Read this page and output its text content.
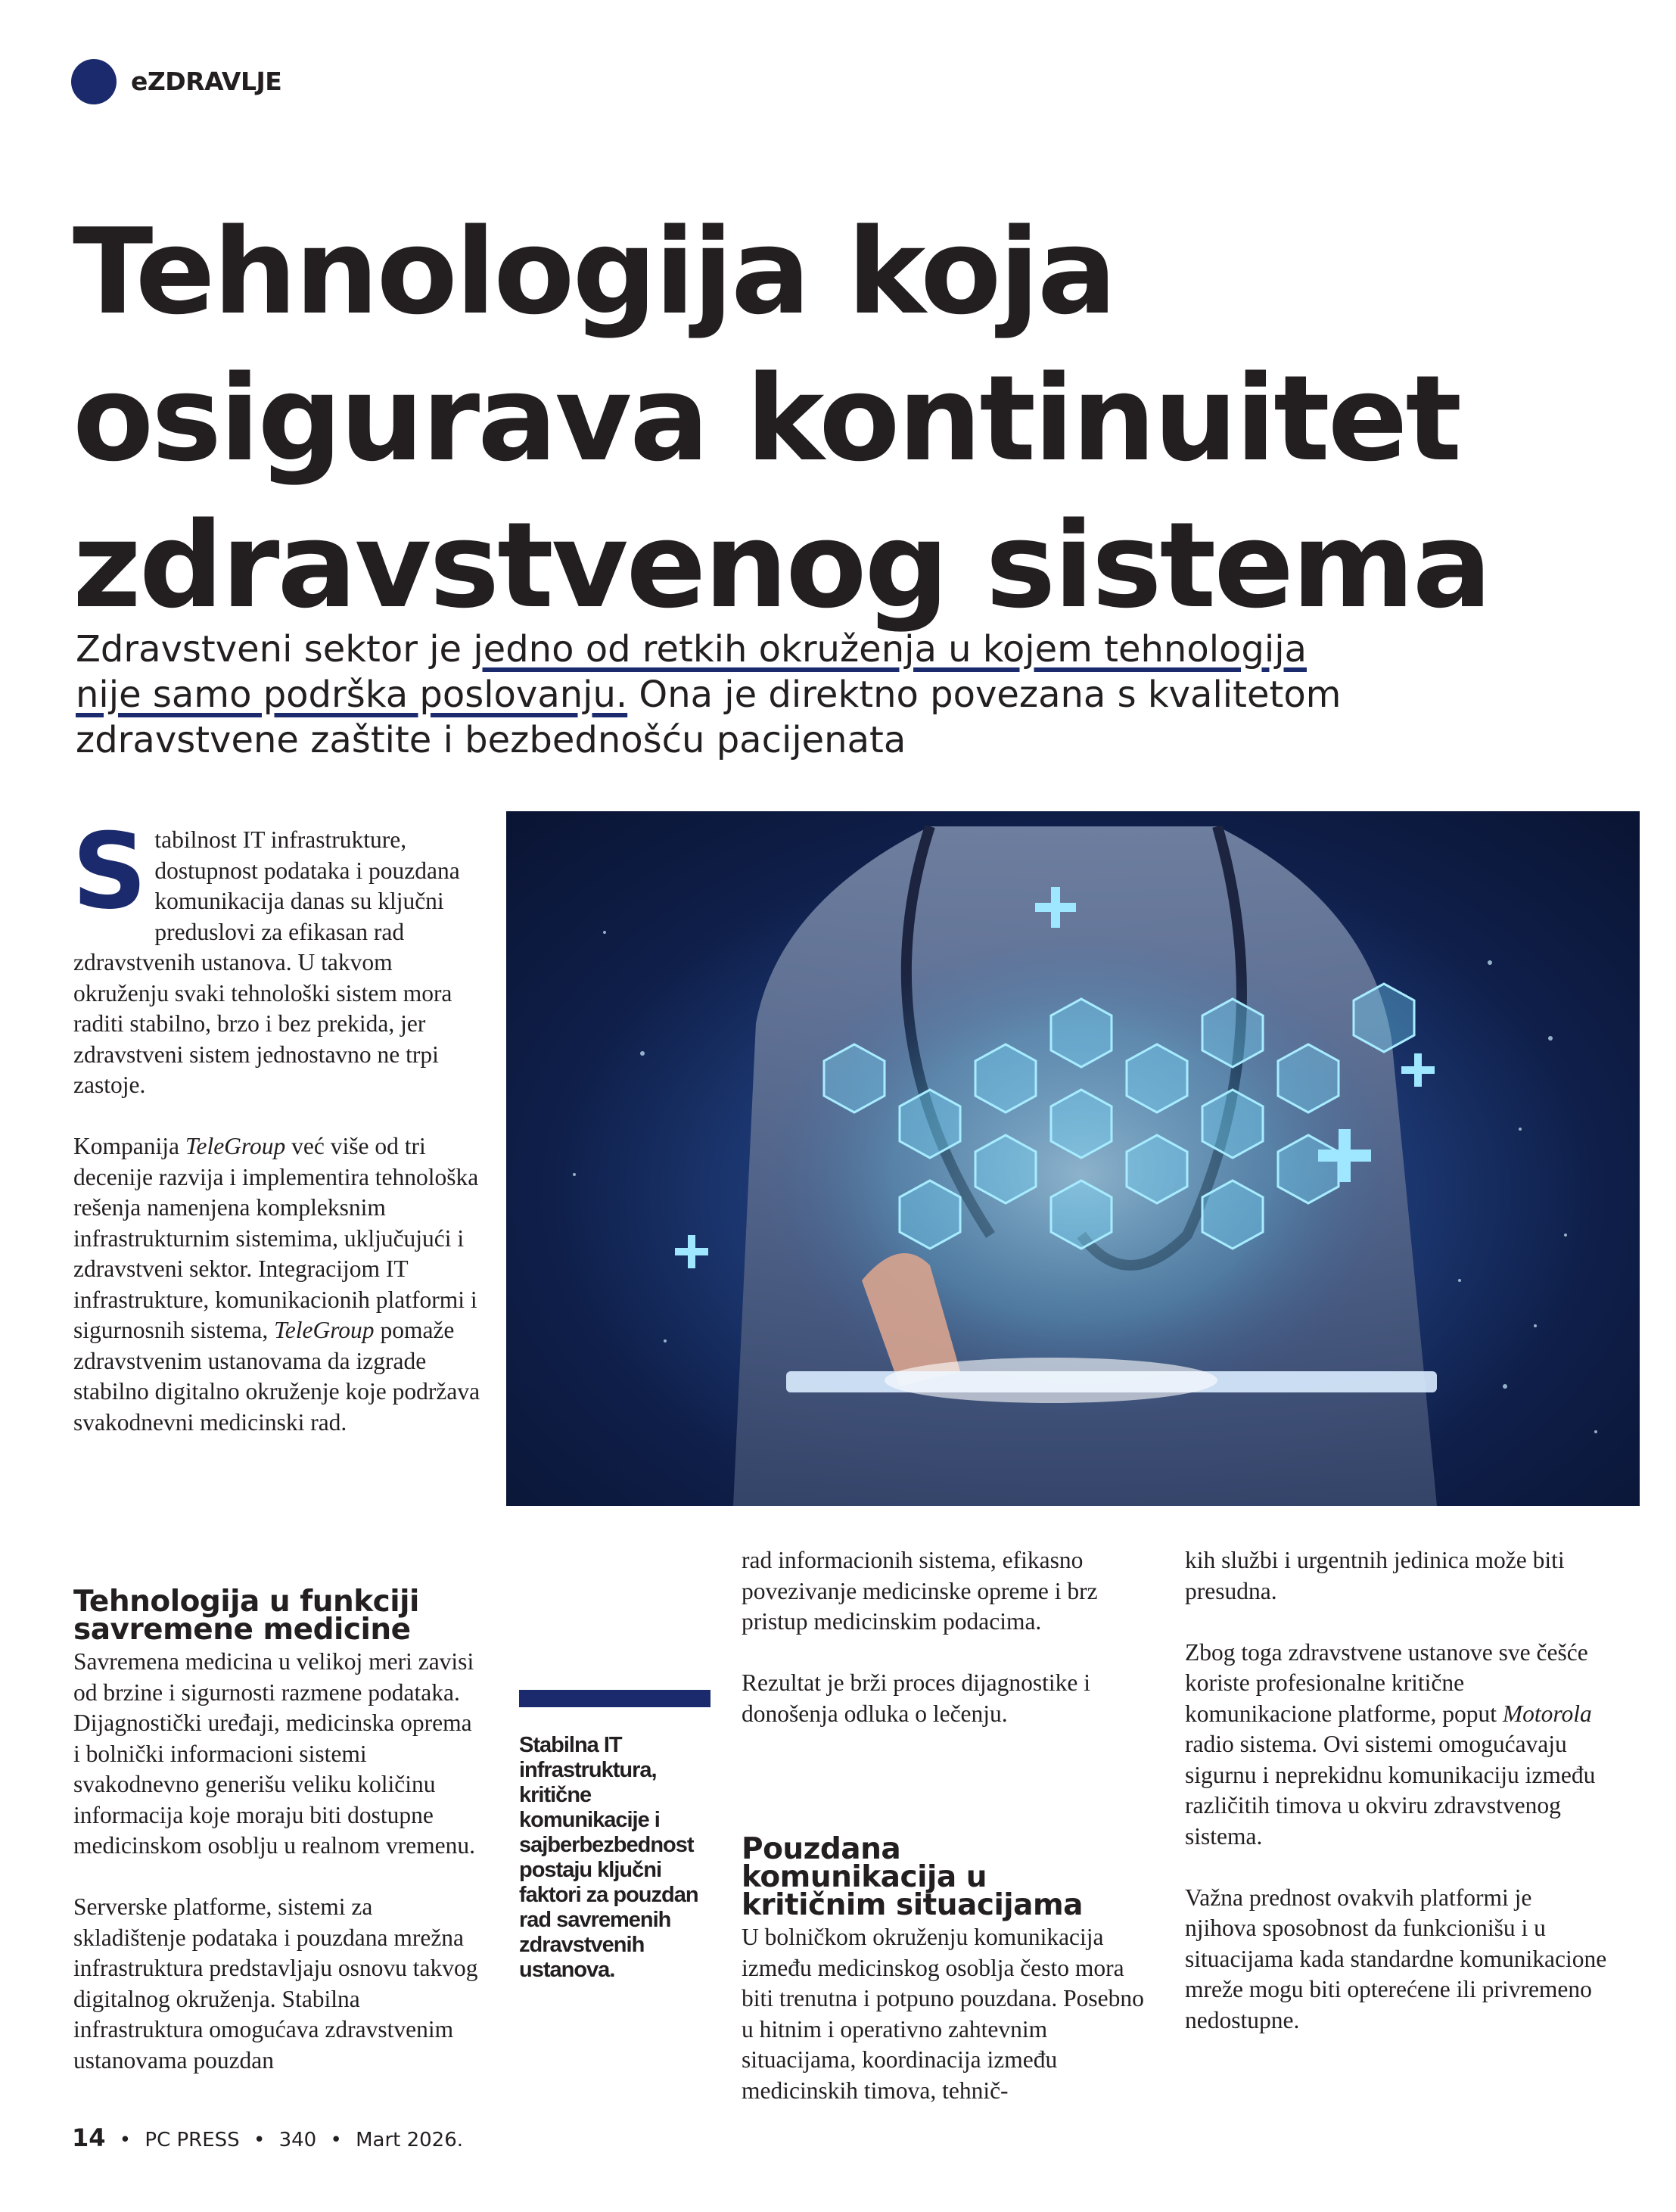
eZDRAVLJE
Tehnologija koja
osigurava kontinuitet
zdravstvenog sistema

Zdravstveni sektor je jedno od retkih okruženja u kojem tehnologija
nije samo podrška poslovanju. Ona je direktno povezana s kvalitetom
zdravstvene zaštite i bezbednošću pacijenata

Stabilnost IT infrastrukture, dostupnost podataka i pouzdana komunikacija danas su ključni preduslovi za efikasan rad zdravstvenih ustanova. U takvom okruženju svaki tehnološki sistem mora raditi stabilno, brzo i bez prekida, jer zdravstveni sistem jednostavno ne trpi zastoje.

Kompanija TeleGroup već više od tri decenije razvija i implementira tehnološka rešenja namenjena kompleksnim infrastrukturnim sistemima, uključujući i zdravstveni sektor. Integracijom IT infrastrukture, komunikacionih platformi i sigurnosnih sistema, TeleGroup pomaže zdravstvenim ustanovama da izgrade stabilno digitalno okruženje koje podržava svakodnevni medicinski rad.

Tehnologija u funkciji
savremene medicine

Savremena medicina u velikoj meri zavisi od brzine i sigurnosti razmene podataka. Dijagnostički uređaji, medicinska oprema i bolnički informacioni sistemi svakodnevno generišu veliku količinu informacija koje moraju biti dostupne medicinskom osoblju u realnom vremenu.

Serverske platforme, sistemi za skladištenje podataka i pouzdana mrežna infrastruktura predstavljaju osnovu takvog digitalnog okruženja. Stabilna infrastruktura omogućava zdravstvenim ustanovama pouzdan

Stabilna IT infrastruktura, kritične komunikacije i sajberbezbednost postaju ključni faktori za pouzdan rad savremenih zdravstvenih ustanova.

rad informacionih sistema, efikasno povezivanje medicinske opreme i brz pristup medicinskim podacima.

Rezultat je brži proces dijagnostike i donošenja odluka o lečenju.

Pouzdana
komunikacija u
kritičnim situacijama

U bolničkom okruženju komunikacija između medicinskog osoblja često mora biti trenutna i potpuno pouzdana. Posebno u hitnim i operativno zahtevnim situacijama, koordinacija između medicinskih timova, tehnič-

kih službi i urgentnih jedinica može biti presudna.

Zbog toga zdravstvene ustanove sve češće koriste profesionalne kritične komunikacione platforme, poput Motorola radio sistema. Ovi sistemi omogućavaju sigurnu i neprekidnu komunikaciju između različitih timova u okviru zdravstvenog sistema.

Važna prednost ovakvih platformi je njihova sposobnost da funkcionišu i u situacijama kada standardne komunikacione mreže mogu biti opterećene ili privremeno nedostupne.

14 • PC PRESS • 340 • Mart 2026.
